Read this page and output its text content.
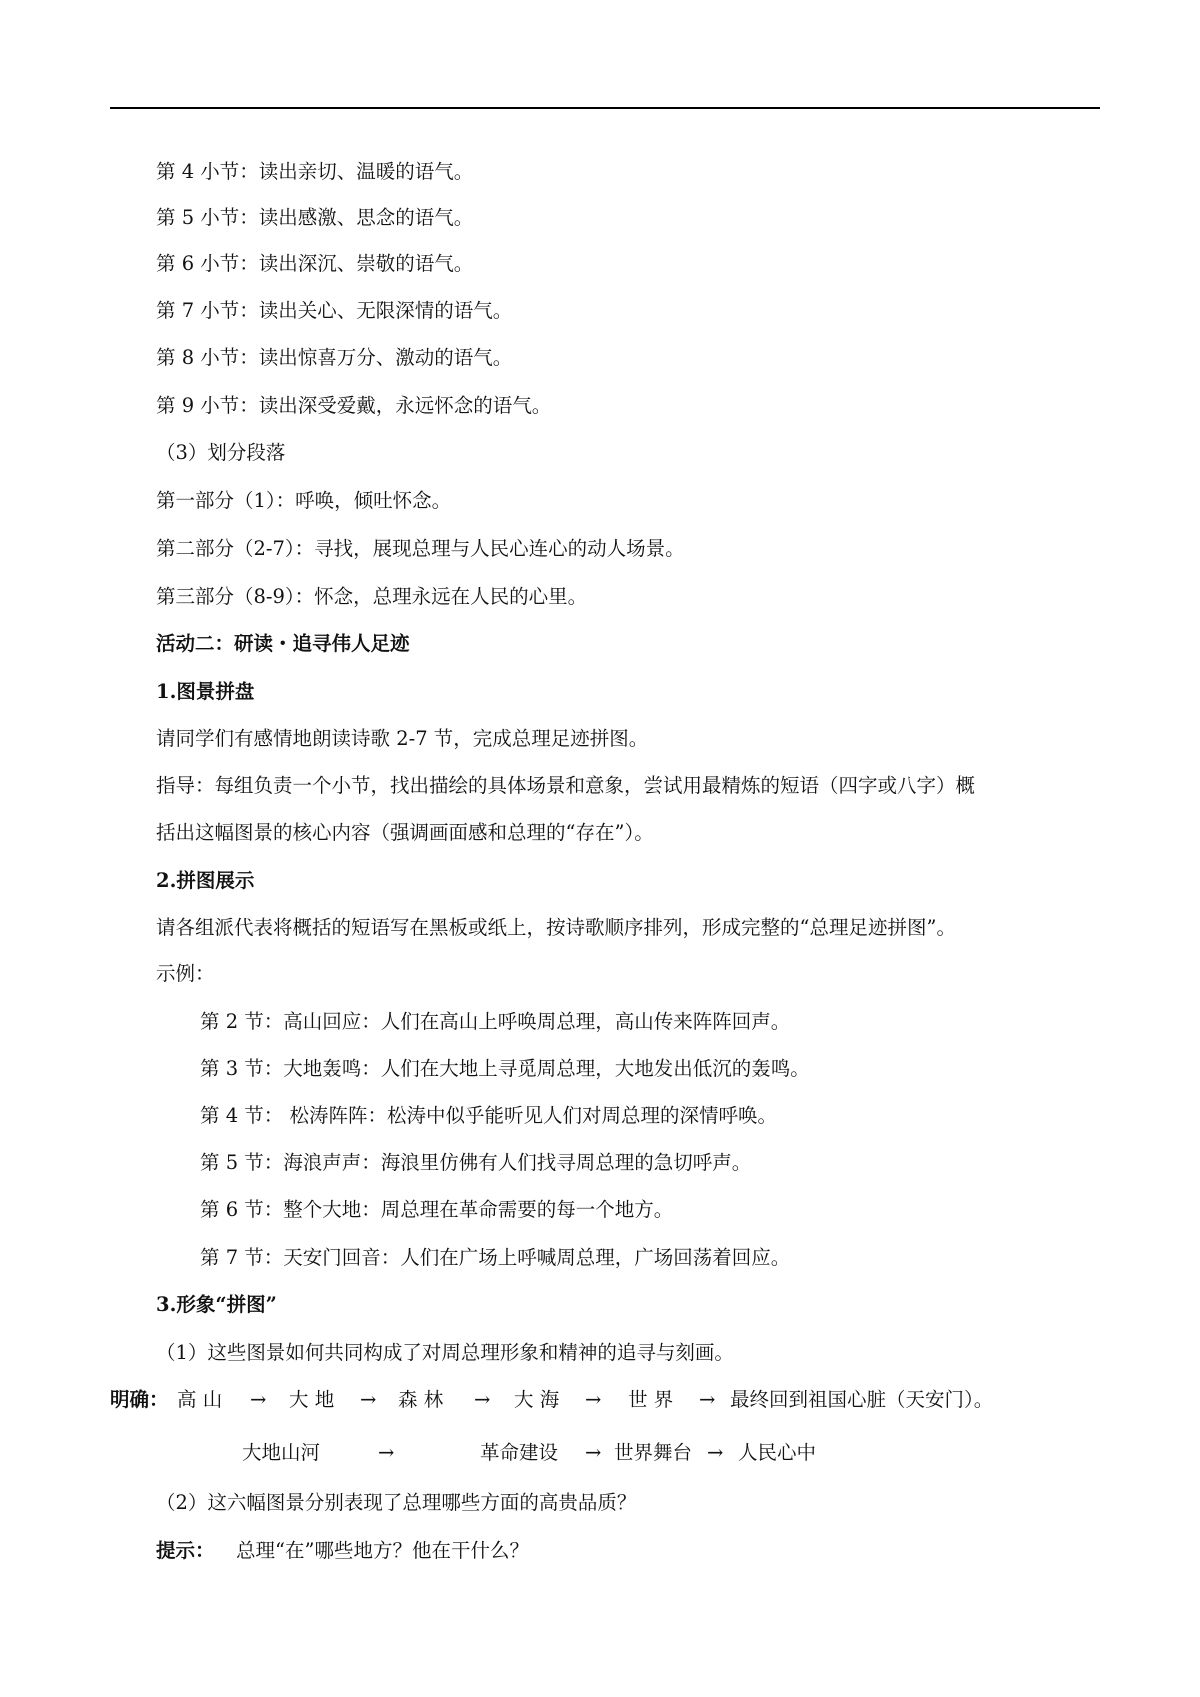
第 4 小节：读出亲切、温暖的语气。
第 5 小节：读出感激、思念的语气。
第 6 小节：读出深沉、崇敬的语气。
第 7 小节：读出关心、无限深情的语气。
第 8 小节：读出惊喜万分、激动的语气。
第 9 小节：读出深受爱戴，永远怀念的语气。
（3）划分段落
第一部分（1）：呼唤，倾吐怀念。
第二部分（2-7）：寻找，展现总理与人民心连心的动人场景。
第三部分（8-9）：怀念，总理永远在人民的心里。
活动二：研读・追寻伟人足迹
1.图景拼盘
请同学们有感情地朗读诗歌 2-7 节，完成总理足迹拼图。
指导：每组负责一个小节，找出描绘的具体场景和意象，尝试用最精炼的短语（四字或八字）概
括出这幅图景的核心内容（强调画面感和总理的“存在”）。
2.拼图展示
请各组派代表将概括的短语写在黑板或纸上，按诗歌顺序排列，形成完整的“总理足迹拼图”。
示例：
第 2 节：高山回应：人们在高山上呼唤周总理，高山传来阵阵回声。
第 3 节：大地轰鸣：人们在大地上寻觅周总理，大地发出低沉的轰鸣。
第 4 节： 松涛阵阵：松涛中似乎能听见人们对周总理的深情呼唤。
第 5 节：海浪声声：海浪里仿佛有人们找寻周总理的急切呼声。
第 6 节：整个大地：周总理在革命需要的每一个地方。
第 7 节：天安门回音：人们在广场上呼喊周总理，广场回荡着回应。
3.形象“拼图”
（1）这些图景如何共同构成了对周总理形象和精神的追寻与刻画。
明确： 高 山 → 大 地 → 森 林 → 大 海 → 世 界 → 最终回到祖国心脏（天安门）。
大地山河	→	革命建设 → 世界舞台 → 人民心中
（2）这六幅图景分别表现了总理哪些方面的高贵品质？
提示： 总理“在”哪些地方？他在干什么？
